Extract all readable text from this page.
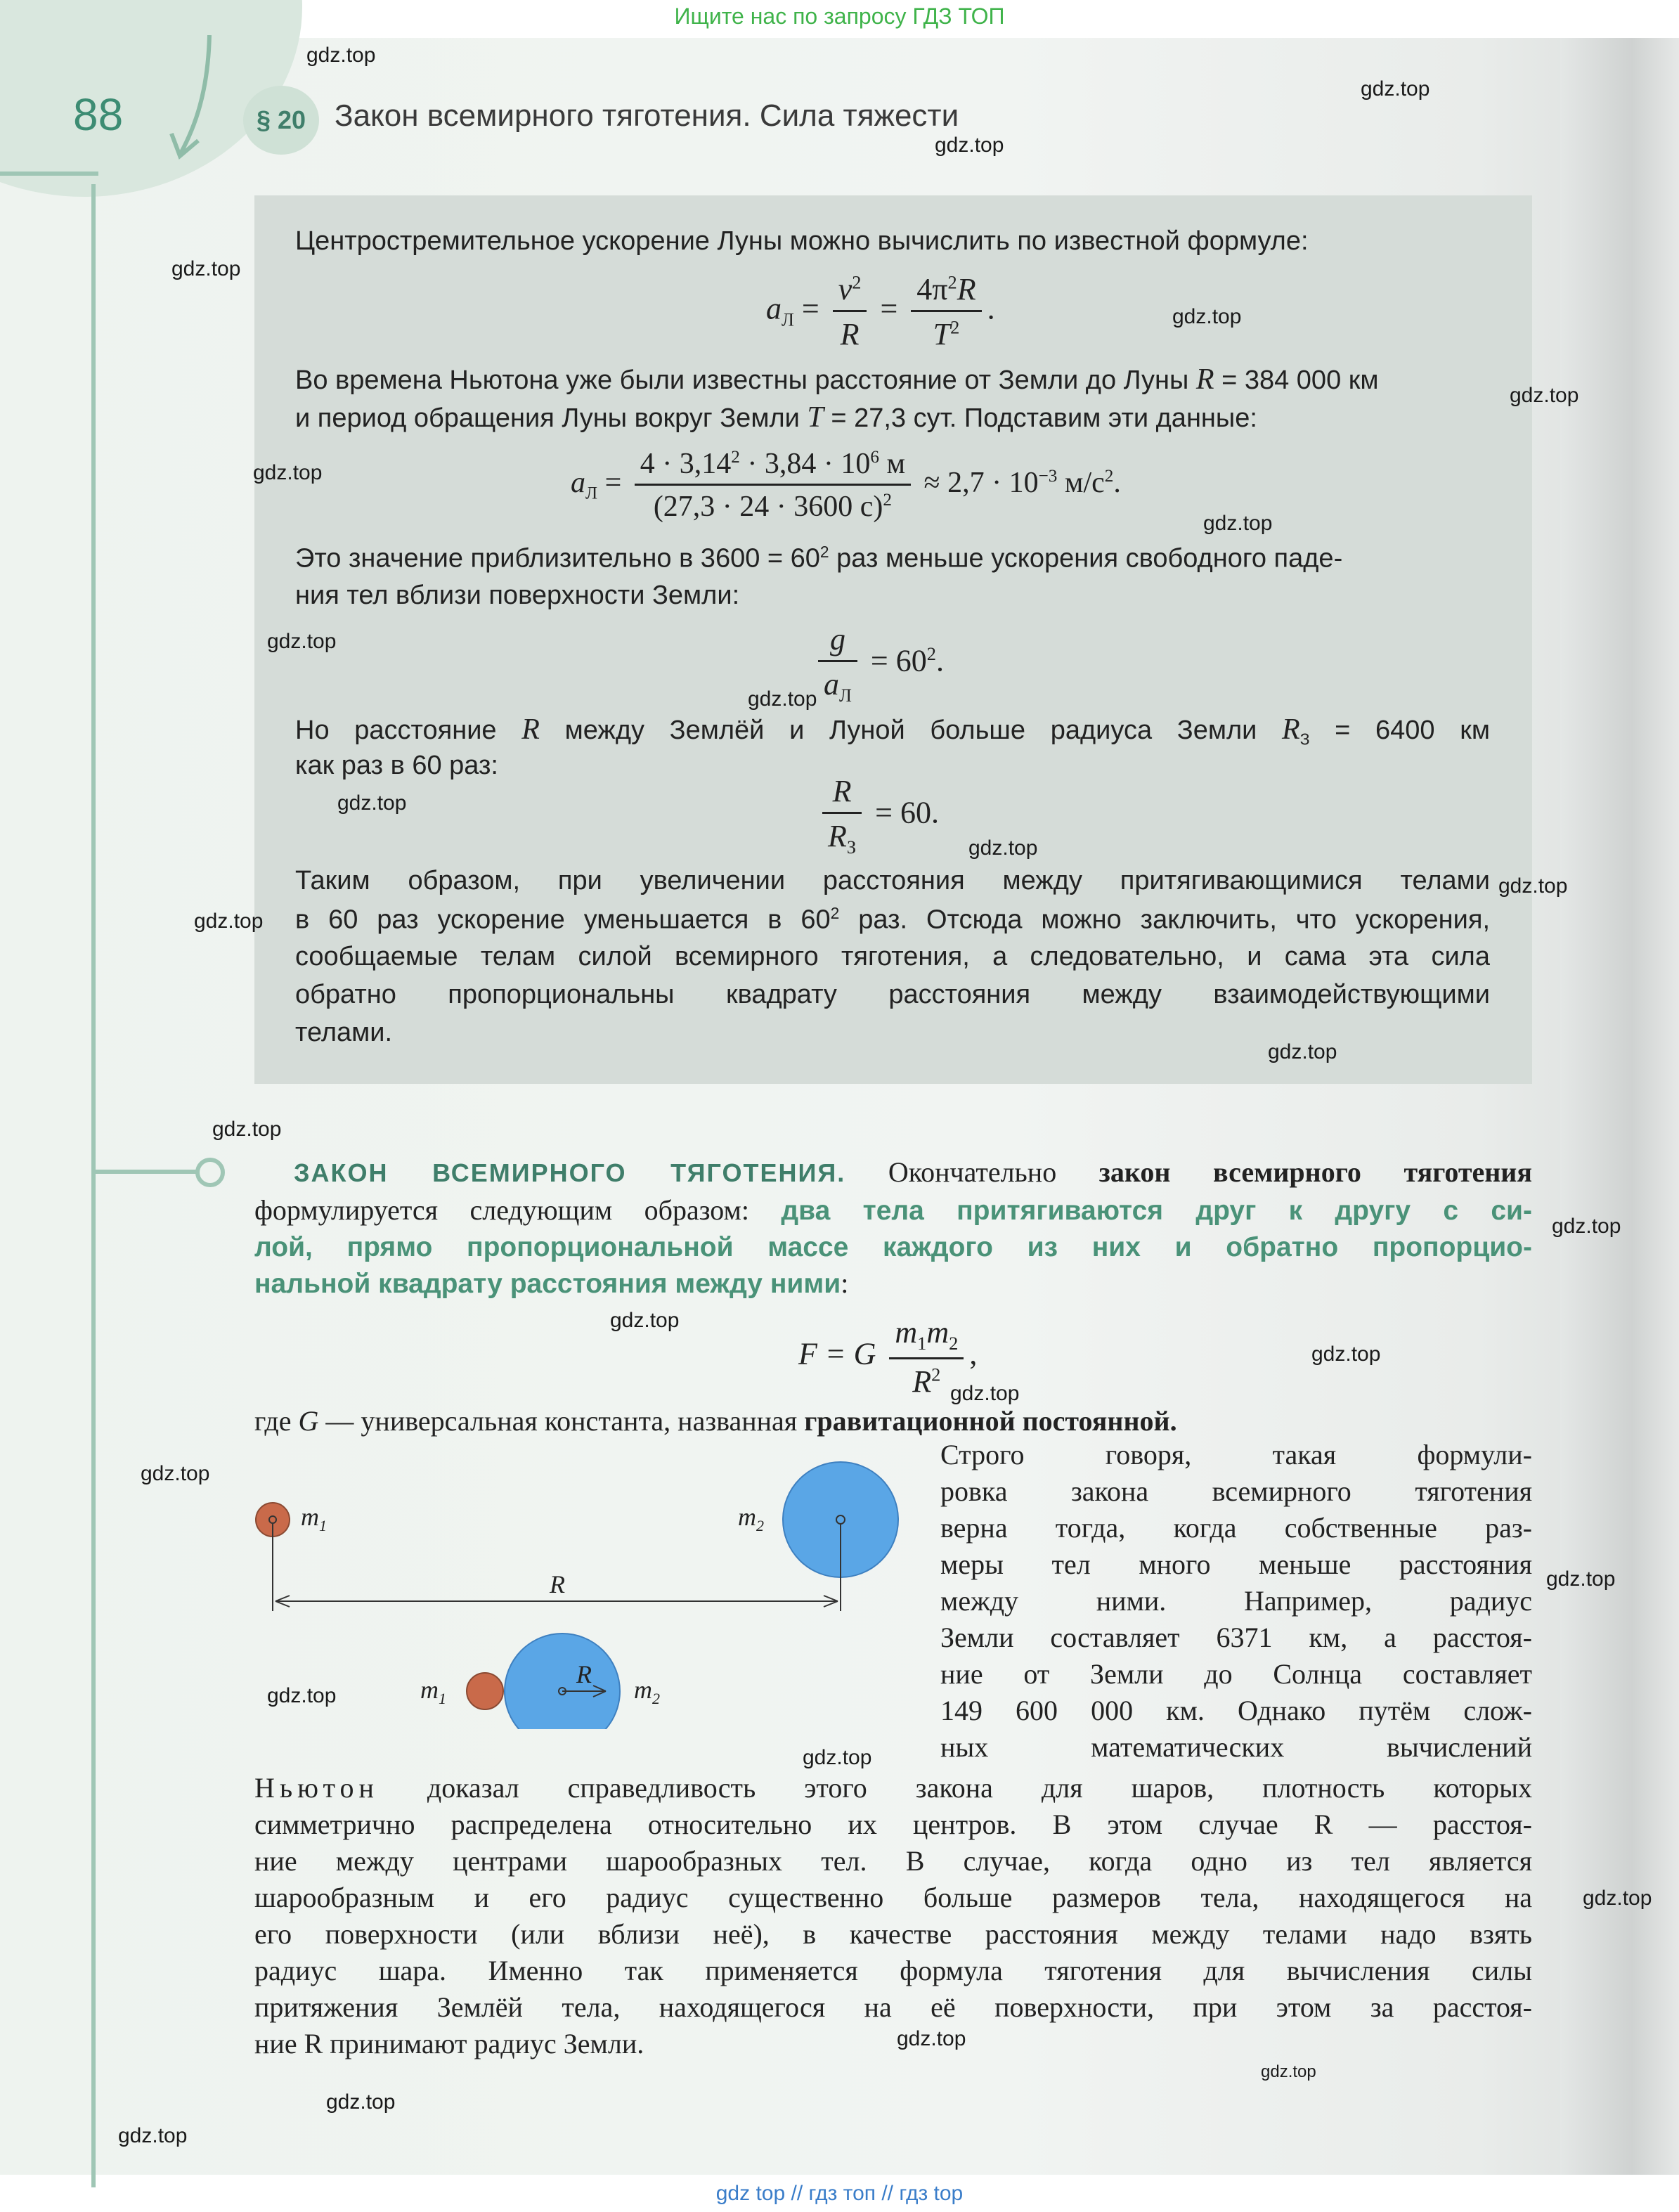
Ищите нас по запросу ГДЗ ТОП
88	§ 20 Закон всемирного тяготения. Сила тяжести
Центростремительное ускорение Луны можно вычислить по известной формуле:
$a_Л = \frac{v^2}{R} = \frac{4\pi^2R}{T^2}$ .
Во времена Ньютона уже были известны расстояние от Земли до Луны R = 384 000 км
и период обращения Луны вокруг Земли T = 27,3 сут. Подставим эти данные:
$a_Л = \frac{4 \cdot 3,14^2 \cdot 3,84 \cdot 10^6 м}{(27,3 \cdot 24 \cdot 3600 с)^2} \approx 2,7 \cdot 10^{-3}$ $м/с^2$.
Это значение приблизительно в $3600 = 60^2$ раз меньше ускорения свободного паде-
ния тел вблизи поверхности Земли:
$\frac{g}{a_Л} = 60^2$.
Но расстояние R между Землёй и Луной больше радиуса Земли $R_З = 6400$ км
как раз в 60 раз:
$\frac{R}{R_З} = 60$.
Таким образом, при увеличении расстояния между притягивающимися телами
в 60 раз ускорение уменьшается в $60^2$ раз. Отсюда можно заключить, что ускорения,
сообщаемые телам силой всемирного тяготения, а следовательно, и сама эта сила
обратно пропорциональны квадрату расстояния между взаимодействующими
телами.
ЗАКОН ВСЕМИРНОГО ТЯГОТЕНИЯ. Окончательно закон всемирного тяготения
формулируется следующим образом: два тела притягиваются друг к другу с си-
лой, прямо пропорциональной массе каждого из них и обратно пропорцио-
нальной квадрату расстояния между ними:
F = G $\frac{m_1m_2}{R^2}$ ,
где G — универсальная константа, названная гравитационной постоянной.
Строго говоря, такая формули-
ровка закона всемирного тяготения
верна тогда, когда собственные раз-
меры тел много меньше расстояния
между ними. Например, радиус
Земли составляет 6371 км, а расстоя-
ние от Земли до Солнца составляет
149 600 000 км. Однако путём слож-
ных математических вычислений
$m_1$	$m_2$
R
$m_1$
R
$m_2$
Ньютон доказал справедливость этого закона для шаров, плотность которых
симметрично распределена относительно их центров. В этом случае R — расстоя-
ние между центрами шарообразных тел. В случае, когда одно из тел является
шарообразным и его радиус существенно больше размеров тела, находящегося на
его поверхности (или вблизи неё), в качестве расстояния между телами надо взять
радиус шара. Именно так применяется формула тяготения для вычисления силы
притяжения Землёй тела, находящегося на её поверхности, при этом за расстоя-
ние R принимают радиус Земли.
gdz.top
gdz.top
gdz.top
gdz.top
gdz.top
gdz.top
gdz.top
gdz.top
gdz.top
gdz.top
gdz.top
gdz.top
gdz.top
gdz.top
gdz.top
gdz.top
gdz.top
gdz.top
gdz.top
gdz.top
gdz.top
gdz.top
gdz.top
gdz.top
gdz.top
gdz.top
gdz.top
gdz.top
gdz.top
gdz top // гдз топ // гдз top
